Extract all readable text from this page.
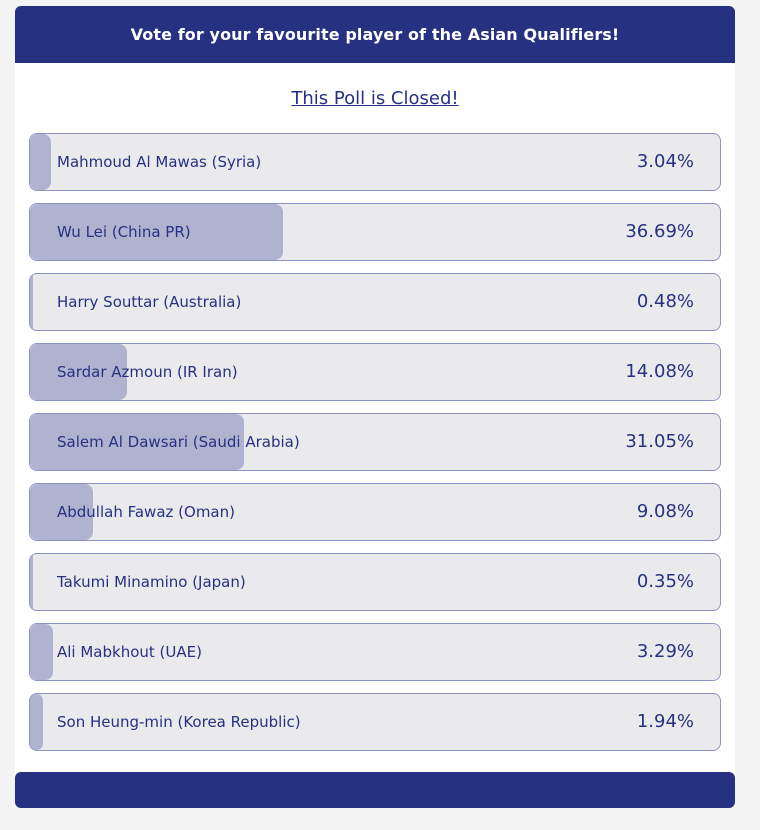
Vote for your favourite player of the Asian Qualifiers!
This Poll is Closed!
Mahmoud Al Mawas (Syria)	3.04%
Wu Lei (China PR)	36.69%
Harry Souttar (Australia)	0.48%
Sardar Azmoun (IR Iran)	14.08%
Salem Al Dawsari (Saudi Arabia)	31.05%
Abdullah Fawaz (Oman)	9.08%
Takumi Minamino (Japan)	0.35%
Ali Mabkhout (UAE)	3.29%
Son Heung-min (Korea Republic)	1.94%
